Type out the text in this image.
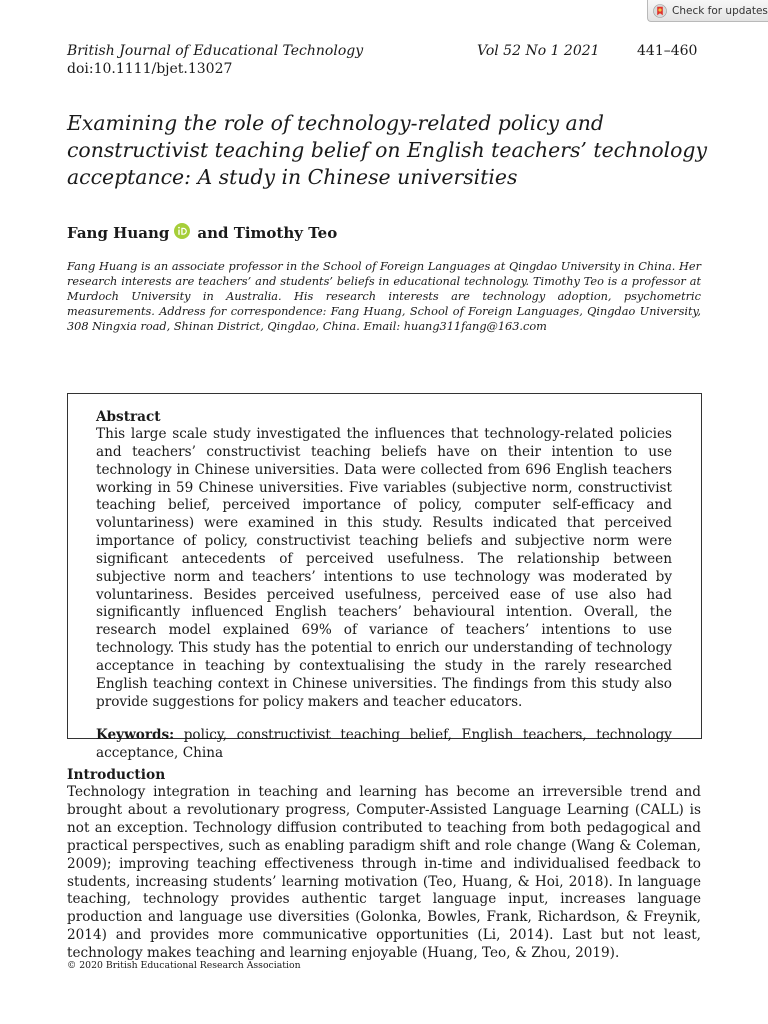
Check for updates
British Journal of Educational Technology	Vol 52 No 1 2021	441–460
doi:10.1111/bjet.13027
Examining the role of technology-related policy and constructivist teaching belief on English teachers’ technology acceptance: A study in Chinese universities
Fang Huang and Timothy Teo

Fang Huang is an associate professor in the School of Foreign Languages at Qingdao University in China. Her research interests are teachers’ and students’ beliefs in educational technology. Timothy Teo is a professor at Murdoch University in Australia. His research interests are technology adoption, psychometric measurements. Address for correspondence: Fang Huang, School of Foreign Languages, Qingdao University, 308 Ningxia road, Shinan District, Qingdao, China. Email: huang311fang@163.com

Abstract

This large scale study investigated the influences that technology-related policies and teachers’ constructivist teaching beliefs have on their intention to use technology in Chinese universities. Data were collected from 696 English teachers working in 59 Chinese universities. Five variables (subjective norm, constructivist teaching belief, perceived importance of policy, computer self-efficacy and voluntariness) were examined in this study. Results indicated that perceived importance of policy, constructivist teaching beliefs and subjective norm were significant antecedents of perceived usefulness. The relationship between subjective norm and teachers’ intentions to use technology was moderated by voluntariness. Besides perceived usefulness, perceived ease of use also had significantly influenced English teachers’ behavioural intention. Overall, the research model explained 69% of variance of teachers’ intentions to use technology. This study has the potential to enrich our understanding of technology acceptance in teaching by contextualising the study in the rarely researched English teaching context in Chinese universities. The findings from this study also provide suggestions for policy makers and teacher educators.

Keywords: policy, constructivist teaching belief, English teachers, technology acceptance, China

Introduction

Technology integration in teaching and learning has become an irreversible trend and brought about a revolutionary progress, Computer-Assisted Language Learning (CALL) is not an exception. Technology diffusion contributed to teaching from both pedagogical and practical perspectives, such as enabling paradigm shift and role change (Wang & Coleman, 2009); improving teaching effectiveness through in-time and individualised feedback to students, increasing students’ learning motivation (Teo, Huang, & Hoi, 2018). In language teaching, technology provides authentic target language input, increases language production and language use diversities (Golonka, Bowles, Frank, Richardson, & Freynik, 2014) and provides more communicative opportunities (Li, 2014). Last but not least, technology makes teaching and learning enjoyable (Huang, Teo, & Zhou, 2019).

© 2020 British Educational Research Association
